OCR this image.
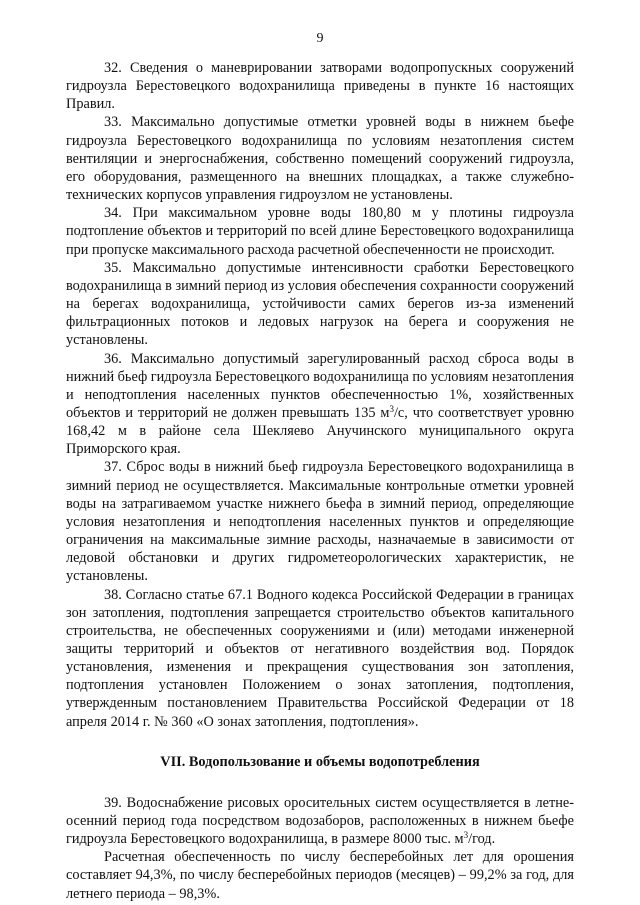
9

32. Сведения о маневрировании затворами водопропускных сооружений гидроузла Берестовецкого водохранилища приведены в пункте 16 настоящих Правил.

33. Максимально допустимые отметки уровней воды в нижнем бьефе гидроузла Берестовецкого водохранилища по условиям незатопления систем вентиляции и энергоснабжения, собственно помещений сооружений гидроузла, его оборудования, размещенного на внешних площадках, а также служебно-технических корпусов управления гидроузлом не установлены.

34. При максимальном уровне воды 180,80 м у плотины гидроузла подтопление объектов и территорий по всей длине Берестовецкого водохранилища при пропуске максимального расхода расчетной обеспеченности не происходит.

35. Максимально допустимые интенсивности сработки Берестовецкого водохранилища в зимний период из условия обеспечения сохранности сооружений на берегах водохранилища, устойчивости самих берегов из-за изменений фильтрационных потоков и ледовых нагрузок на берега и сооружения не установлены.

36. Максимально допустимый зарегулированный расход сброса воды в нижний бьеф гидроузла Берестовецкого водохранилища по условиям незатопления и неподтопления населенных пунктов обеспеченностью 1%, хозяйственных объектов и территорий не должен превышать 135 $м^3/с$, что соответствует уровню 168,42 м в районе села Шекляево Анучинского муниципального округа Приморского края.

37. Сброс воды в нижний бьеф гидроузла Берестовецкого водохранилища в зимний период не осуществляется. Максимальные контрольные отметки уровней воды на затрагиваемом участке нижнего бьефа в зимний период, определяющие условия незатопления и неподтопления населенных пунктов и определяющие ограничения на максимальные зимние расходы, назначаемые в зависимости от ледовой обстановки и других гидрометеорологических характеристик, не установлены.

38. Согласно статье 67.1 Водного кодекса Российской Федерации в границах зон затопления, подтопления запрещается строительство объектов капитального строительства, не обеспеченных сооружениями и (или) методами инженерной защиты территорий и объектов от негативного воздействия вод. Порядок установления, изменения и прекращения существования зон затопления, подтопления установлен Положением о зонах затопления, подтопления, утвержденным постановлением Правительства Российской Федерации от 18 апреля 2014 г. № 360 «О зонах затопления, подтопления».

VII. Водопользование и объемы водопотребления

39. Водоснабжение рисовых оросительных систем осуществляется в летне-осенний период года посредством водозаборов, расположенных в нижнем бьефе гидроузла Берестовецкого водохранилища, в размере 8000 тыс. $м^3$/год.

Расчетная обеспеченность по числу бесперебойных лет для орошения составляет 94,3%, по числу бесперебойных периодов (месяцев) – 99,2% за год, для летнего периода – 98,3%.
